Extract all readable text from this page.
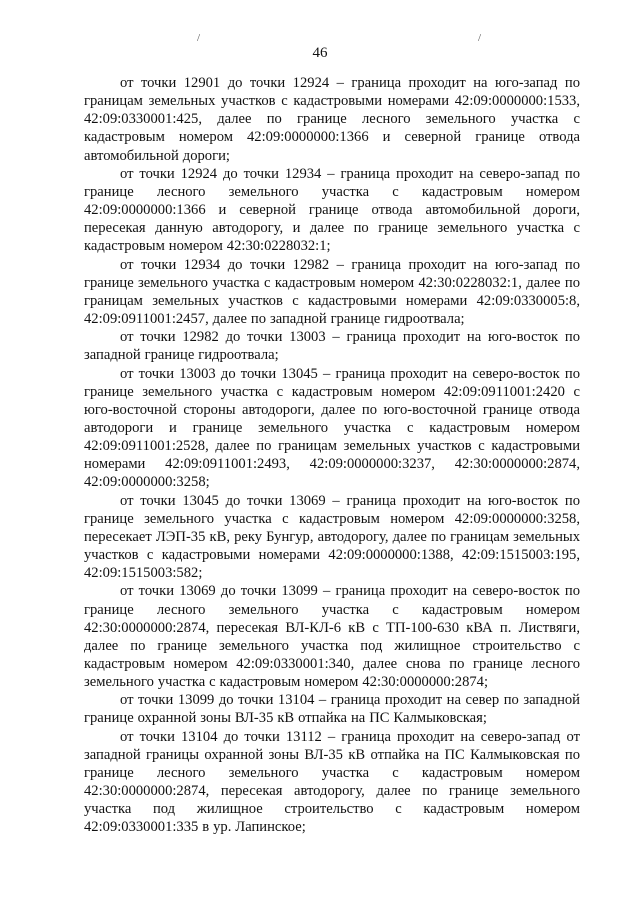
/	/
46

от точки 12901 до точки 12924 – граница проходит на юго-запад по границам земельных участков с кадастровыми номерами 42:09:0000000:1533, 42:09:0330001:425, далее по границе лесного земельного участка с кадастровым номером 42:09:0000000:1366 и северной границе отвода автомобильной дороги;

от точки 12924 до точки 12934 – граница проходит на северо-запад по границе лесного земельного участка с кадастровым номером 42:09:0000000:1366 и северной границе отвода автомобильной дороги, пересекая данную автодорогу, и далее по границе земельного участка с кадастровым номером 42:30:0228032:1;

от точки 12934 до точки 12982 – граница проходит на юго-запад по границе земельного участка с кадастровым номером 42:30:0228032:1, далее по границам земельных участков с кадастровыми номерами 42:09:0330005:8, 42:09:0911001:2457, далее по западной границе гидроотвала;

от точки 12982 до точки 13003 – граница проходит на юго-восток по западной границе гидроотвала;

от точки 13003 до точки 13045 – граница проходит на северо-восток по границе земельного участка с кадастровым номером 42:09:0911001:2420 с юго-восточной стороны автодороги, далее по юго-восточной границе отвода автодороги и границе земельного участка с кадастровым номером 42:09:0911001:2528, далее по границам земельных участков с кадастровыми номерами 42:09:0911001:2493, 42:09:0000000:3237, 42:30:0000000:2874, 42:09:0000000:3258;

от точки 13045 до точки 13069 – граница проходит на юго-восток по границе земельного участка с кадастровым номером 42:09:0000000:3258, пересекает ЛЭП-35 кВ, реку Бунгур, автодорогу, далее по границам земельных участков с кадастровыми номерами 42:09:0000000:1388, 42:09:1515003:195, 42:09:1515003:582;

от точки 13069 до точки 13099 – граница проходит на северо-восток по границе лесного земельного участка с кадастровым номером 42:30:0000000:2874, пересекая ВЛ-КЛ-6 кВ с ТП-100-630 кВА п. Листвяги, далее по границе земельного участка под жилищное строительство с кадастровым номером 42:09:0330001:340, далее снова по границе лесного земельного участка с кадастровым номером 42:30:0000000:2874;

от точки 13099 до точки 13104 – граница проходит на север по западной границе охранной зоны ВЛ-35 кВ отпайка на ПС Калмыковская;

от точки 13104 до точки 13112 – граница проходит на северо-запад от западной границы охранной зоны ВЛ-35 кВ отпайка на ПС Калмыковская по границе лесного земельного участка с кадастровым номером 42:30:0000000:2874, пересекая автодорогу, далее по границе земельного участка под жилищное строительство с кадастровым номером 42:09:0330001:335 в ур. Лапинское;
